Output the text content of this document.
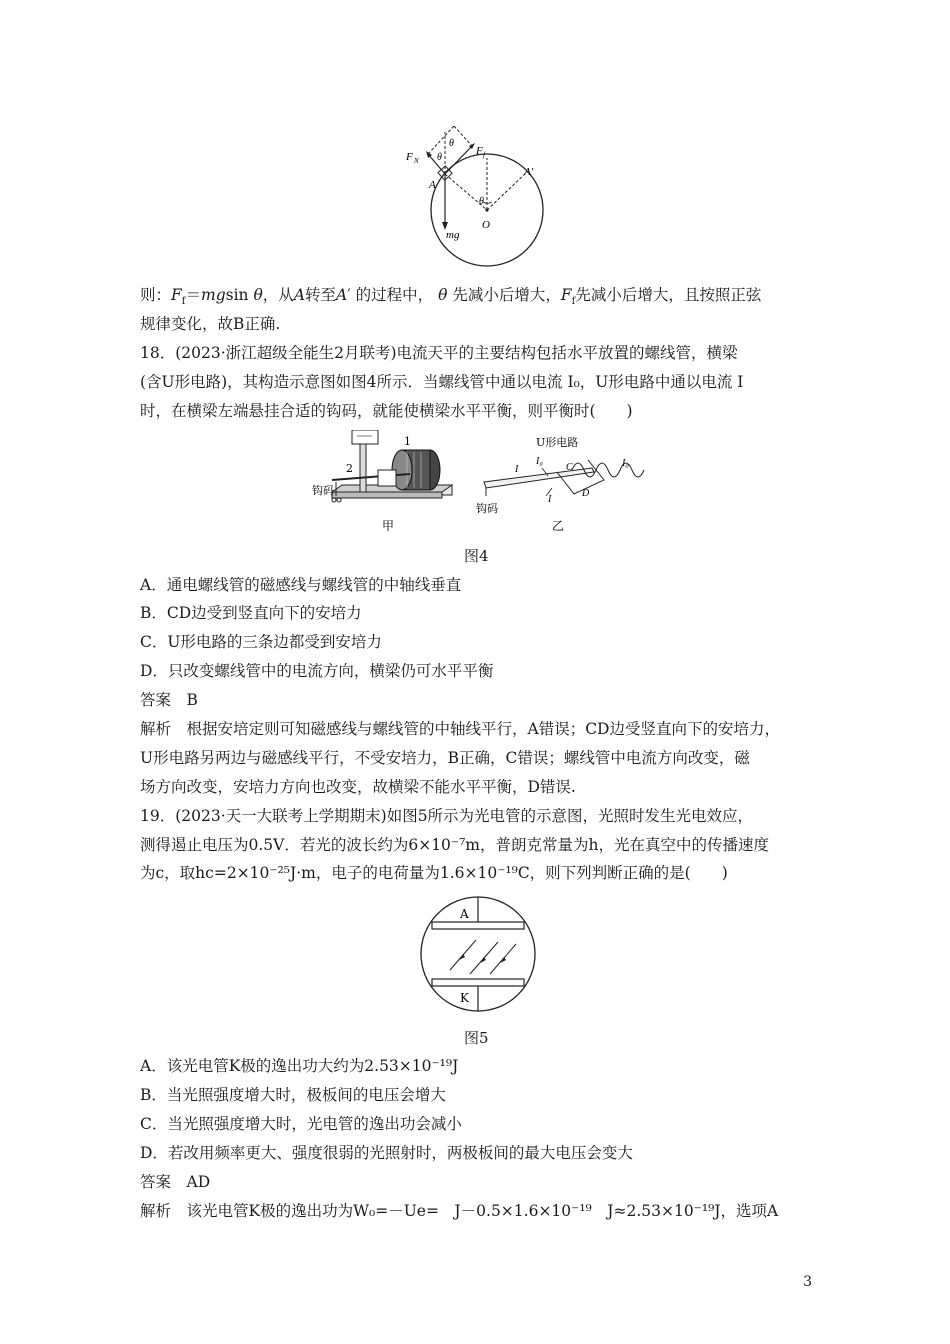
F N
F f
θ
θ
θ
A
A′
O
mg
则：$F_f=mgsin$ θ，从A转至A′ 的过程中， θ 先减小后增大，$F_f$先减小后增大，且按照正弦
规律变化，故B正确.
18．(2023·浙江超级全能生2月联考)电流天平的主要结构包括水平放置的螺线管，横梁
(含U形电路)，其构造示意图如图4所示．当螺线管中通以电流 I₀，U形电路中通以电流 I
时，在横梁左端悬挂合适的钩码，就能使横梁水平平衡，则平衡时(　　)
2
1
钩码
甲
U形电路
I₀	I₀
I
I
C
D
钩码
乙
图4
A．通电螺线管的磁感线与螺线管的中轴线垂直
B．CD边受到竖直向下的安培力
C．U形电路的三条边都受到安培力
D．只改变螺线管中的电流方向，横梁仍可水平平衡
答案　B
解析　根据安培定则可知磁感线与螺线管的中轴线平行，A错误；CD边受竖直向下的安培力，
U形电路另两边与磁感线平行，不受安培力，B正确，C错误；螺线管中电流方向改变，磁
场方向改变，安培力方向也改变，故横梁不能水平平衡，D错误.
19．(2023·天一大联考上学期期末)如图5所示为光电管的示意图，光照时发生光电效应，
测得遏止电压为0.5V．若光的波长约为6×10⁻⁷m，普朗克常量为h，光在真空中的传播速度
为c，取hc=2×10⁻²⁵J·m，电子的电荷量为1.6×10⁻¹⁹C，则下列判断正确的是(　　)
A
K
图5
A．该光电管K极的逸出功大约为2.53×10⁻¹⁹J
B．当光照强度增大时，极板间的电压会增大
C．当光照强度增大时，光电管的逸出功会减小
D．若改用频率更大、强度很弱的光照射时，两极板间的最大电压会变大
答案　AD
解析　该光电管K极的逸出功为W₀=－Ue=　J－0.5×1.6×10⁻¹⁹　J≈2.53×10⁻¹⁹J，选项A
3
